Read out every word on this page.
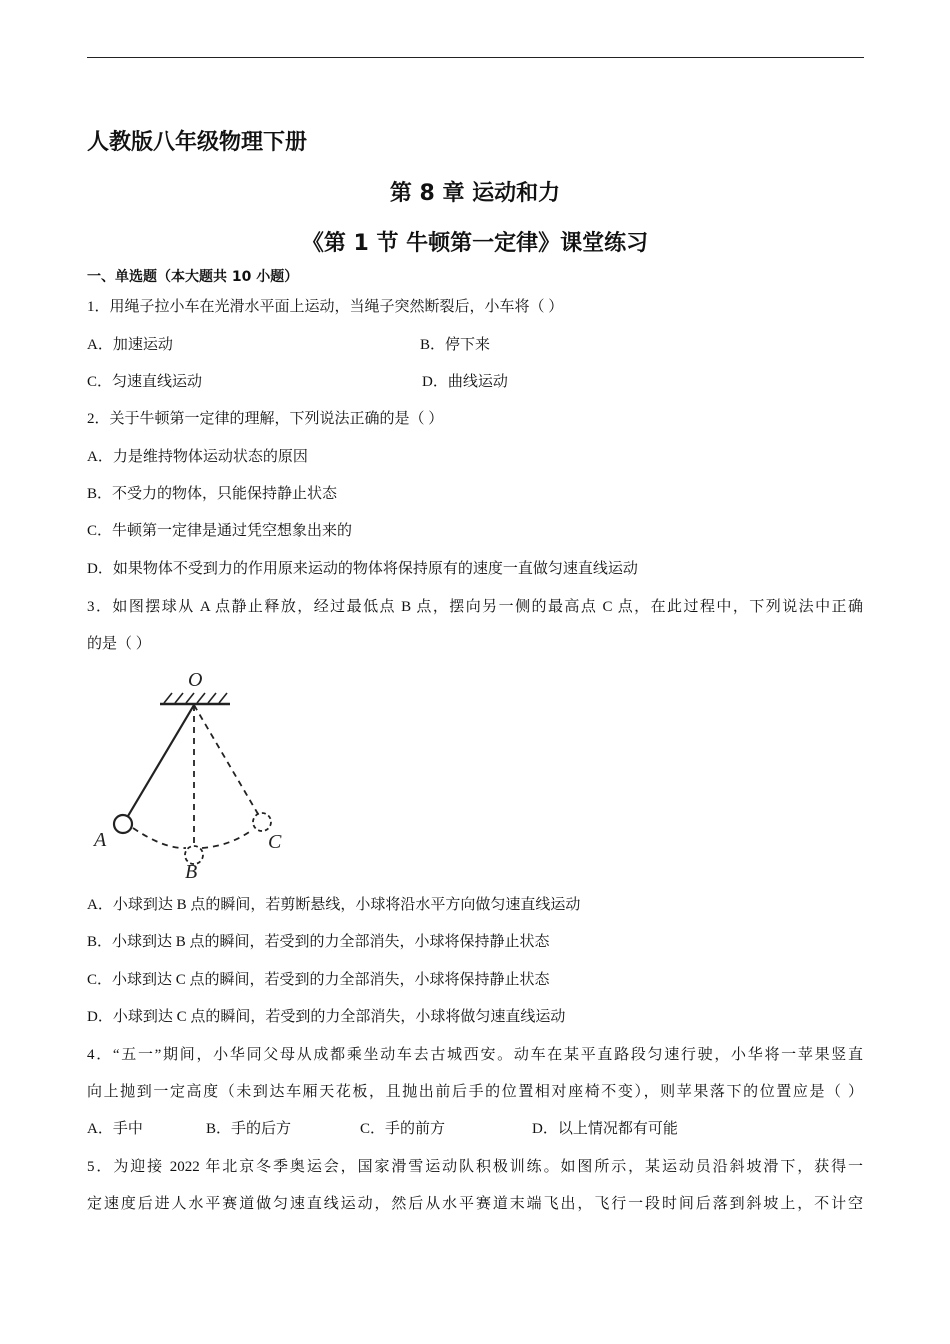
人教版八年级物理下册
第 8 章 运动和力
《第 1 节 牛顿第一定律》课堂练习
一、单选题（本大题共 10 小题）
1．用绳子拉小车在光滑水平面上运动，当绳子突然断裂后，小车将（ ）
A．加速运动	B．停下来
C．匀速直线运动	D．曲线运动
2．关于牛顿第一定律的理解，下列说法正确的是（ ）
A．力是维持物体运动状态的原因
B．不受力的物体，只能保持静止状态
C．牛顿第一定律是通过凭空想象出来的
D．如果物体不受到力的作用原来运动的物体将保持原有的速度一直做匀速直线运动
3．如图摆球从 A 点静止释放，经过最低点 B 点，摆向另一侧的最高点 C 点，在此过程中，下列说法中正确
的是（ ）
O
A
B
C
A．小球到达 B 点的瞬间，若剪断悬线，小球将沿水平方向做匀速直线运动
B．小球到达 B 点的瞬间，若受到的力全部消失，小球将保持静止状态
C．小球到达 C 点的瞬间，若受到的力全部消失，小球将保持静止状态
D．小球到达 C 点的瞬间，若受到的力全部消失，小球将做匀速直线运动
4．“五一”期间，小华同父母从成都乘坐动车去古城西安。动车在某平直路段匀速行驶，小华将一苹果竖直
向上抛到一定高度（未到达车厢天花板，且抛出前后手的位置相对座椅不变），则苹果落下的位置应是（ ）
A．手中	B．手的后方	C．手的前方	D．以上情况都有可能
5．为迎接 2022 年北京冬季奥运会，国家滑雪运动队积极训练。如图所示，某运动员沿斜坡滑下，获得一
定速度后进人水平赛道做匀速直线运动，然后从水平赛道末端飞出，飞行一段时间后落到斜坡上，不计空
